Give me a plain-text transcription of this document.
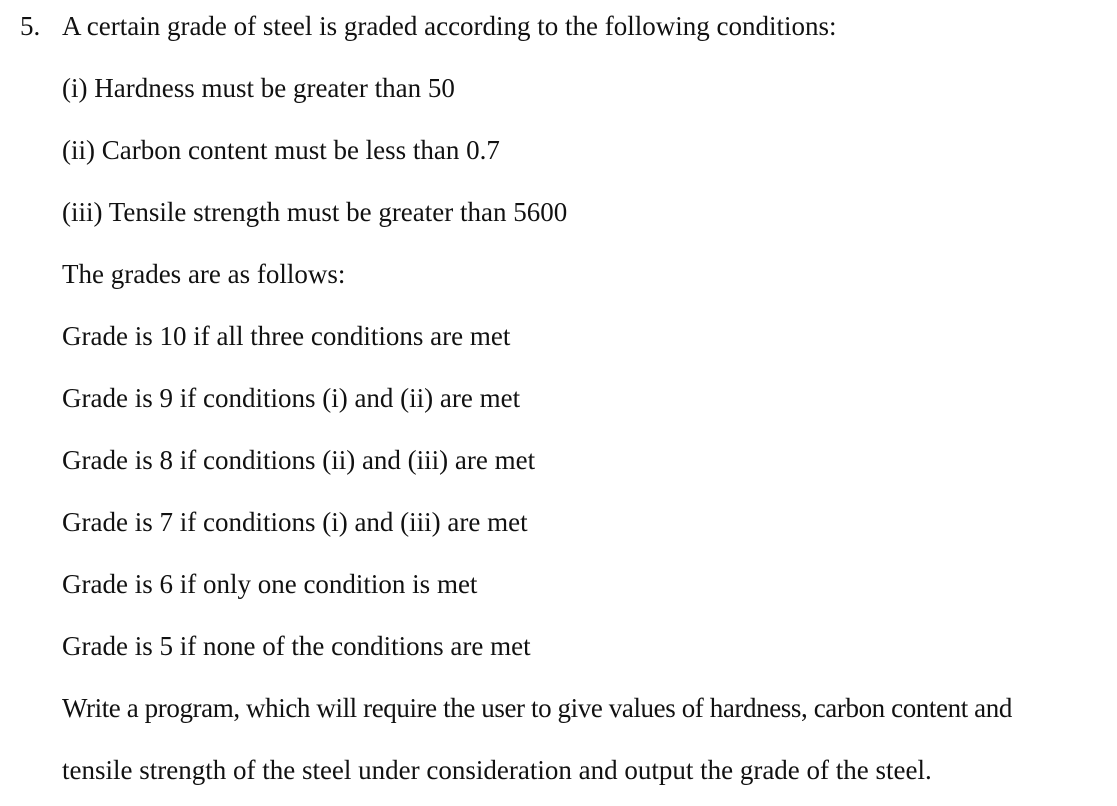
5. A certain grade of steel is graded according to the following conditions:
(i) Hardness must be greater than 50
(ii) Carbon content must be less than 0.7
(iii) Tensile strength must be greater than 5600
The grades are as follows:
Grade is 10 if all three conditions are met
Grade is 9 if conditions (i) and (ii) are met
Grade is 8 if conditions (ii) and (iii) are met
Grade is 7 if conditions (i) and (iii) are met
Grade is 6 if only one condition is met
Grade is 5 if none of the conditions are met
Write a program, which will require the user to give values of hardness, carbon content and
tensile strength of the steel under consideration and output the grade of the steel.
